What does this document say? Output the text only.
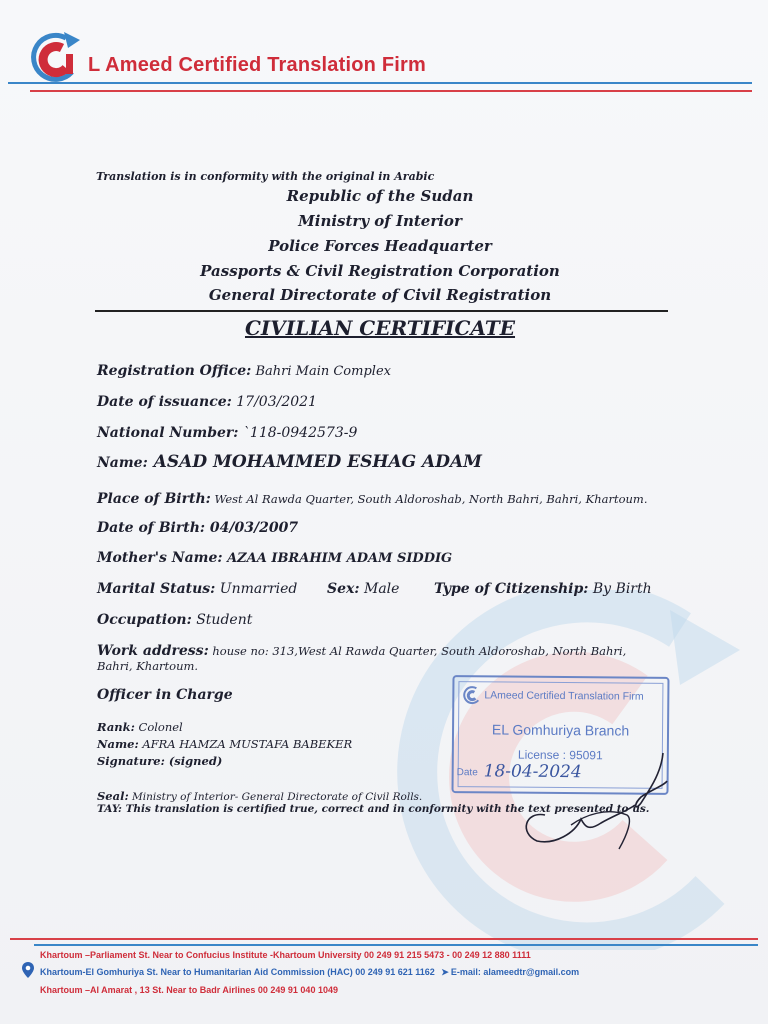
L Ameed Certified Translation Firm
Translation is in conformity with the original in Arabic
Republic of the Sudan
Ministry of Interior
Police Forces Headquarter
Passports & Civil Registration Corporation
General Directorate of Civil Registration
CIVILIAN CERTIFICATE
Registration Office: Bahri Main Complex
Date of issuance: 17/03/2021
National Number: `118-0942573-9
Name: ASAD MOHAMMED ESHAG ADAM
Place of Birth: West Al Rawda Quarter, South Aldoroshab, North Bahri, Bahri, Khartoum.
Date of Birth: 04/03/2007
Mother's Name: AZAA IBRAHIM ADAM SIDDIG
Marital Status: Unmarried Sex: Male Type of Citizenship: By Birth
Occupation: Student
Work address: house no: 313,West Al Rawda Quarter, South Aldoroshab, North Bahri,
Bahri, Khartoum.
Officer in Charge
Rank: Colonel
Name: AFRA HAMZA MUSTAFA BABEKER
Signature: (signed)
Seal: Ministry of Interior- General Directorate of Civil Rolls.
TAY: This translation is certified true, correct and in conformity with the text presented to us.
LAmeed Certified Translation Firm
EL Gomhuriya Branch
License : 95091
Date 18-04-2024
Khartoum –Parliament St. Near to Confucius Institute -Khartoum University 00 249 91 215 5473 - 00 249 12 880 1111
Khartoum-El Gomhuriya St. Near to Humanitarian Aid Commission (HAC) 00 249 91 621 1162 ➤ E-mail: alameedtr@gmail.com
Khartoum –Al Amarat , 13 St. Near to Badr Airlines 00 249 91 040 1049
